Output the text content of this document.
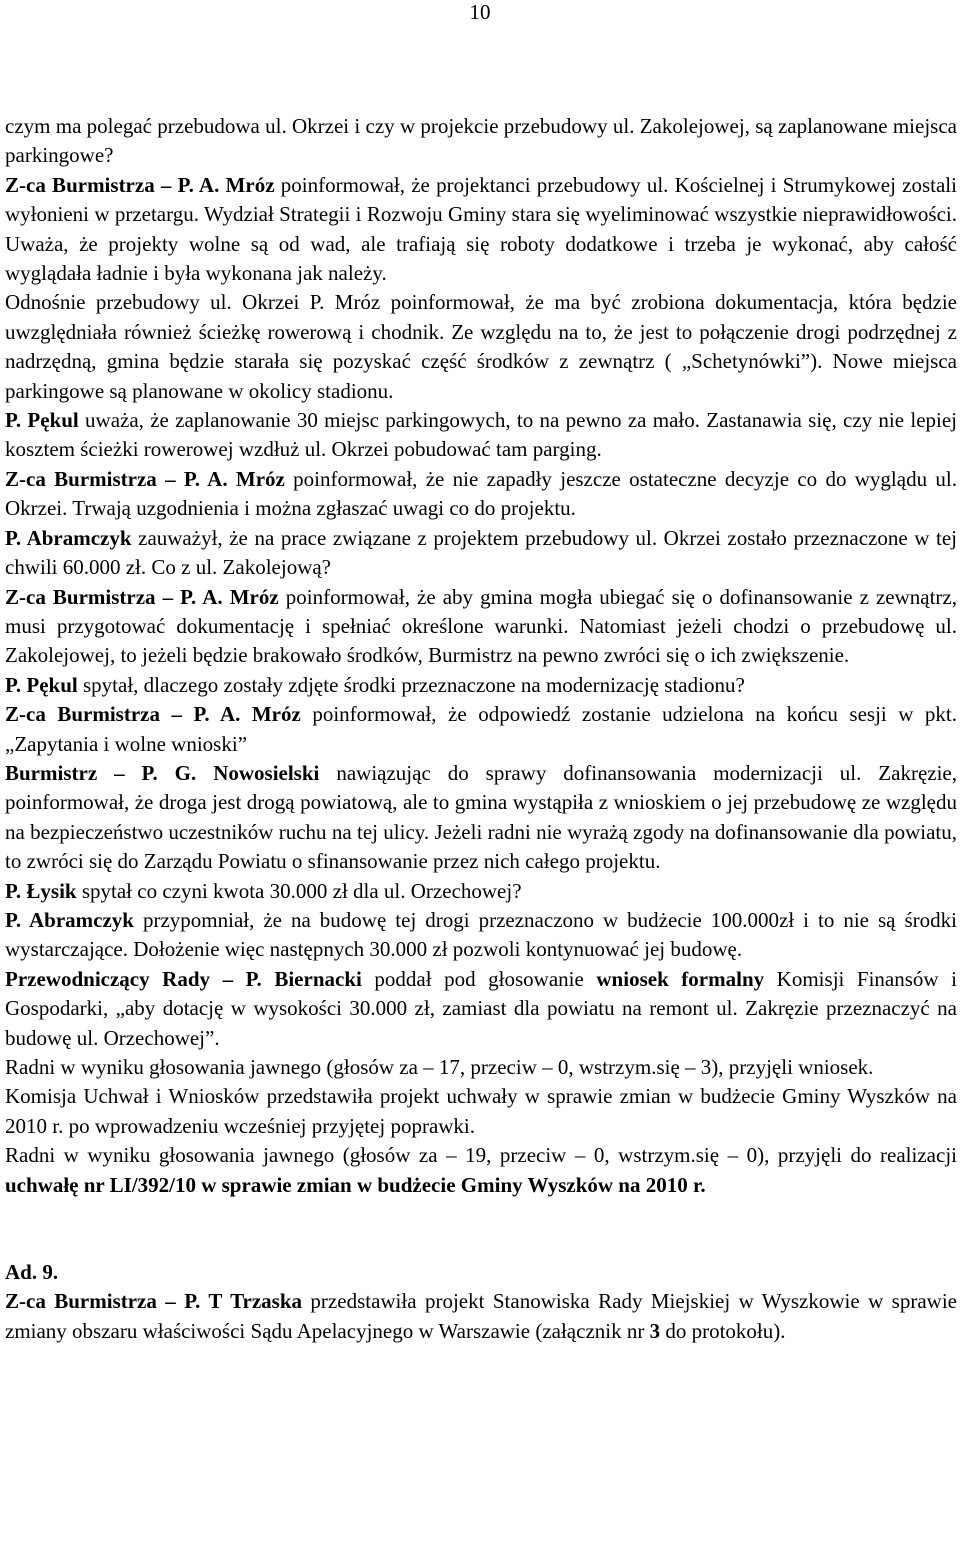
10

czym ma polegać przebudowa ul. Okrzei i czy w projekcie przebudowy ul. Zakolejowej, są zaplanowane miejsca parkingowe?

Z-ca Burmistrza – P. A. Mróz poinformował, że projektanci przebudowy ul. Kościelnej i Strumykowej zostali wyłonieni w przetargu. Wydział Strategii i Rozwoju Gminy stara się wyeliminować wszystkie nieprawidłowości. Uważa, że projekty wolne są od wad, ale trafiają się roboty dodatkowe i trzeba je wykonać, aby całość wyglądała ładnie i była wykonana jak należy.

Odnośnie przebudowy ul. Okrzei P. Mróz poinformował, że ma być zrobiona dokumentacja, która będzie uwzględniała również ścieżkę rowerową i chodnik. Ze względu na to, że jest to połączenie drogi podrzędnej z nadrzędną, gmina będzie starała się pozyskać część środków z zewnątrz ( „Schetynówki”). Nowe miejsca parkingowe są planowane w okolicy stadionu.

P. Pękul uważa, że zaplanowanie 30 miejsc parkingowych, to na pewno za mało. Zastanawia się, czy nie lepiej kosztem ścieżki rowerowej wzdłuż ul. Okrzei pobudować tam parging.

Z-ca Burmistrza – P. A. Mróz poinformował, że nie zapadły jeszcze ostateczne decyzje co do wyglądu ul. Okrzei. Trwają uzgodnienia i można zgłaszać uwagi co do projektu.

P. Abramczyk zauważył, że na prace związane z projektem przebudowy ul. Okrzei zostało przeznaczone w tej chwili 60.000 zł. Co z ul. Zakolejową?

Z-ca Burmistrza – P. A. Mróz poinformował, że aby gmina mogła ubiegać się o dofinansowanie z zewnątrz, musi przygotować dokumentację i spełniać określone warunki. Natomiast jeżeli chodzi o przebudowę ul. Zakolejowej, to jeżeli będzie brakowało środków, Burmistrz na pewno zwróci się o ich zwiększenie.

P. Pękul spytał, dlaczego zostały zdjęte środki przeznaczone na modernizację stadionu?

Z-ca Burmistrza – P. A. Mróz poinformował, że odpowiedź zostanie udzielona na końcu sesji w pkt. „Zapytania i wolne wnioski”

Burmistrz – P. G. Nowosielski nawiązując do sprawy dofinansowania modernizacji ul. Zakręzie, poinformował, że droga jest drogą powiatową, ale to gmina wystąpiła z wnioskiem o jej przebudowę ze względu na bezpieczeństwo uczestników ruchu na tej ulicy. Jeżeli radni nie wyrażą zgody na dofinansowanie dla powiatu, to zwróci się do Zarządu Powiatu o sfinansowanie przez nich całego projektu.

P. Łysik spytał co czyni kwota 30.000 zł dla ul. Orzechowej?

P. Abramczyk przypomniał, że na budowę tej drogi przeznaczono w budżecie 100.000zł i to nie są środki wystarczające. Dołożenie więc następnych 30.000 zł pozwoli kontynuować jej budowę.

Przewodniczący Rady – P. Biernacki poddał pod głosowanie wniosek formalny Komisji Finansów i Gospodarki, „aby dotację w wysokości 30.000 zł, zamiast dla powiatu na remont ul. Zakręzie przeznaczyć na budowę ul. Orzechowej”.

Radni w wyniku głosowania jawnego (głosów za – 17, przeciw – 0, wstrzym.się – 3), przyjęli wniosek.

Komisja Uchwał i Wniosków przedstawiła projekt uchwały w sprawie zmian w budżecie Gminy Wyszków na 2010 r. po wprowadzeniu wcześniej przyjętej poprawki.

Radni w wyniku głosowania jawnego (głosów za – 19, przeciw – 0, wstrzym.się – 0), przyjęli do realizacji uchwałę nr LI/392/10 w sprawie zmian w budżecie Gminy Wyszków na 2010 r.

Ad. 9.

Z-ca Burmistrza – P. T Trzaska przedstawiła projekt Stanowiska Rady Miejskiej w Wyszkowie w sprawie zmiany obszaru właściwości Sądu Apelacyjnego w Warszawie (załącznik nr 3 do protokołu).
